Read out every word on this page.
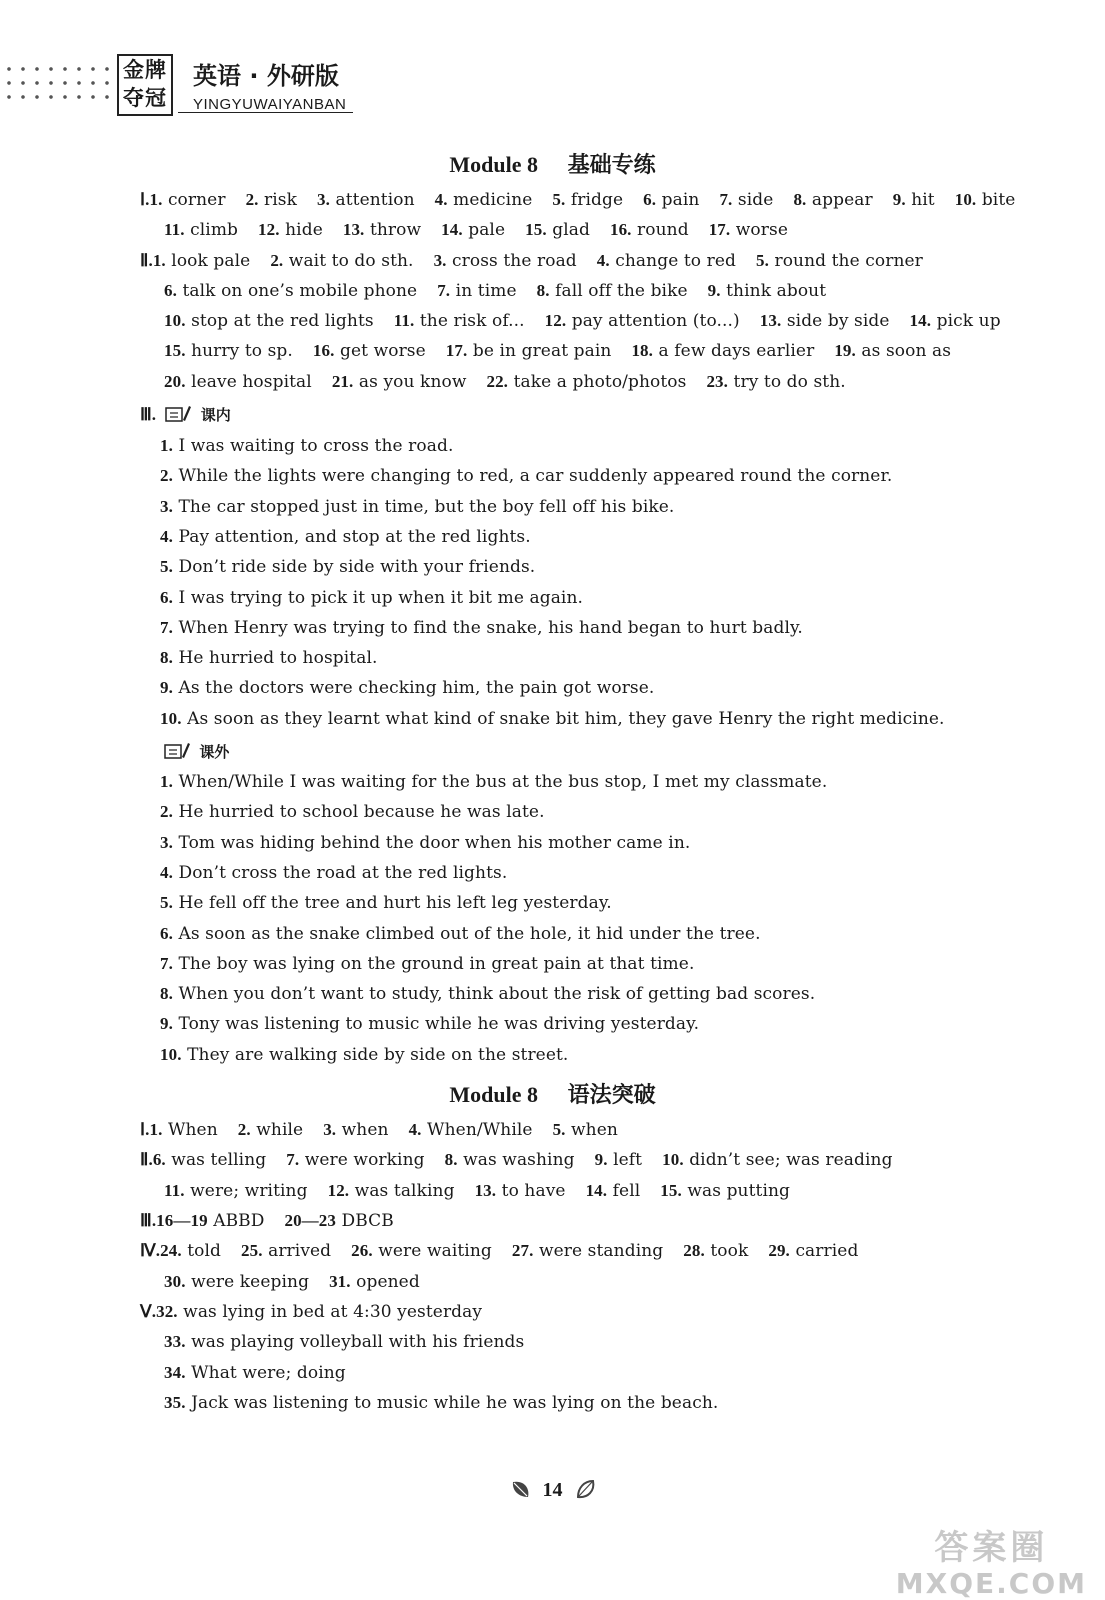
金牌
夺冠
英语 · 外研版
YINGYUWAIYANBAN
Module 8 基础专练
Ⅰ.1. corner 2. risk 3. attention 4. medicine 5. fridge 6. pain 7. side 8. appear 9. hit 10. bite
11. climb 12. hide 13. throw 14. pale 15. glad 16. round 17. worse
Ⅱ.1. look pale 2. wait to do sth. 3. cross the road 4. change to red 5. round the corner
6. talk on one’s mobile phone 7. in time 8. fall off the bike 9. think about
10. stop at the red lights 11. the risk of... 12. pay attention (to...) 13. side by side 14. pick up
15. hurry to sp. 16. get worse 17. be in great pain 18. a few days earlier 19. as soon as
20. leave hospital 21. as you know 22. take a photo/photos 23. try to do sth.
Ⅲ.	课内
1. I was waiting to cross the road.
2. While the lights were changing to red, a car suddenly appeared round the corner.
3. The car stopped just in time, but the boy fell off his bike.
4. Pay attention, and stop at the red lights.
5. Don’t ride side by side with your friends.
6. I was trying to pick it up when it bit me again.
7. When Henry was trying to find the snake, his hand began to hurt badly.
8. He hurried to hospital.
9. As the doctors were checking him, the pain got worse.
10. As soon as they learnt what kind of snake bit him, they gave Henry the right medicine.
课外
1. When/While I was waiting for the bus at the bus stop, I met my classmate.
2. He hurried to school because he was late.
3. Tom was hiding behind the door when his mother came in.
4. Don’t cross the road at the red lights.
5. He fell off the tree and hurt his left leg yesterday.
6. As soon as the snake climbed out of the hole, it hid under the tree.
7. The boy was lying on the ground in great pain at that time.
8. When you don’t want to study, think about the risk of getting bad scores.
9. Tony was listening to music while he was driving yesterday.
10. They are walking side by side on the street.
Module 8 语法突破
Ⅰ.1. When 2. while 3. when 4. When/While 5. when
Ⅱ.6. was telling 7. were working 8. was washing 9. left 10. didn’t see; was reading
11. were; writing 12. was talking 13. to have 14. fell 15. was putting
Ⅲ.16—19 ABBD 20—23 DBCB
Ⅳ.24. told 25. arrived 26. were waiting 27. were standing 28. took 29. carried
30. were keeping 31. opened
Ⅴ.32. was lying in bed at 4:30 yesterday
33. was playing volleyball with his friends
34. What were; doing
35. Jack was listening to music while he was lying on the beach.
14
答案圈
MXQE.COM
